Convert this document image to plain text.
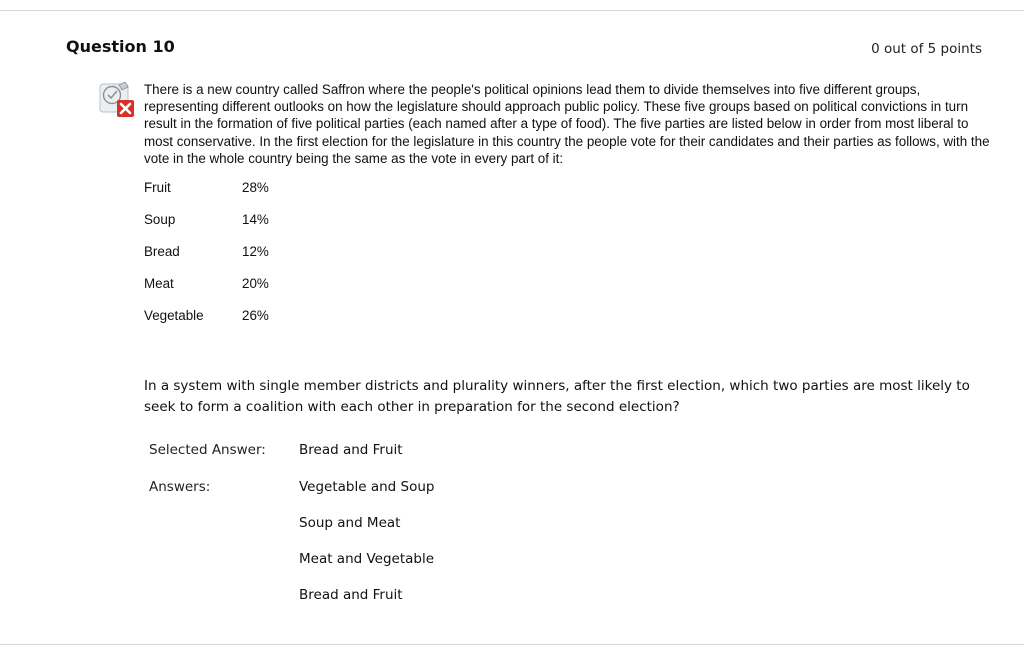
Question 10	0 out of 5 points
There is a new country called Saffron where the people's political opinions lead them to divide themselves into five different groups, representing different outlooks on how the legislature should approach public policy. These five groups based on political convictions in turn result in the formation of five political parties (each named after a type of food). The five parties are listed below in order from most liberal to most conservative. In the first election for the legislature in this country the people vote for their candidates and their parties as follows, with the vote in the whole country being the same as the vote in every part of it:
Fruit	28%
Soup	14%
Bread	12%
Meat	20%
Vegetable	26%
In a system with single member districts and plurality winners, after the first election, which two parties are most likely to seek to form a coalition with each other in preparation for the second election?
Selected Answer: Bread and Fruit
Answers:	Vegetable and Soup
Soup and Meat
Meat and Vegetable
Bread and Fruit
